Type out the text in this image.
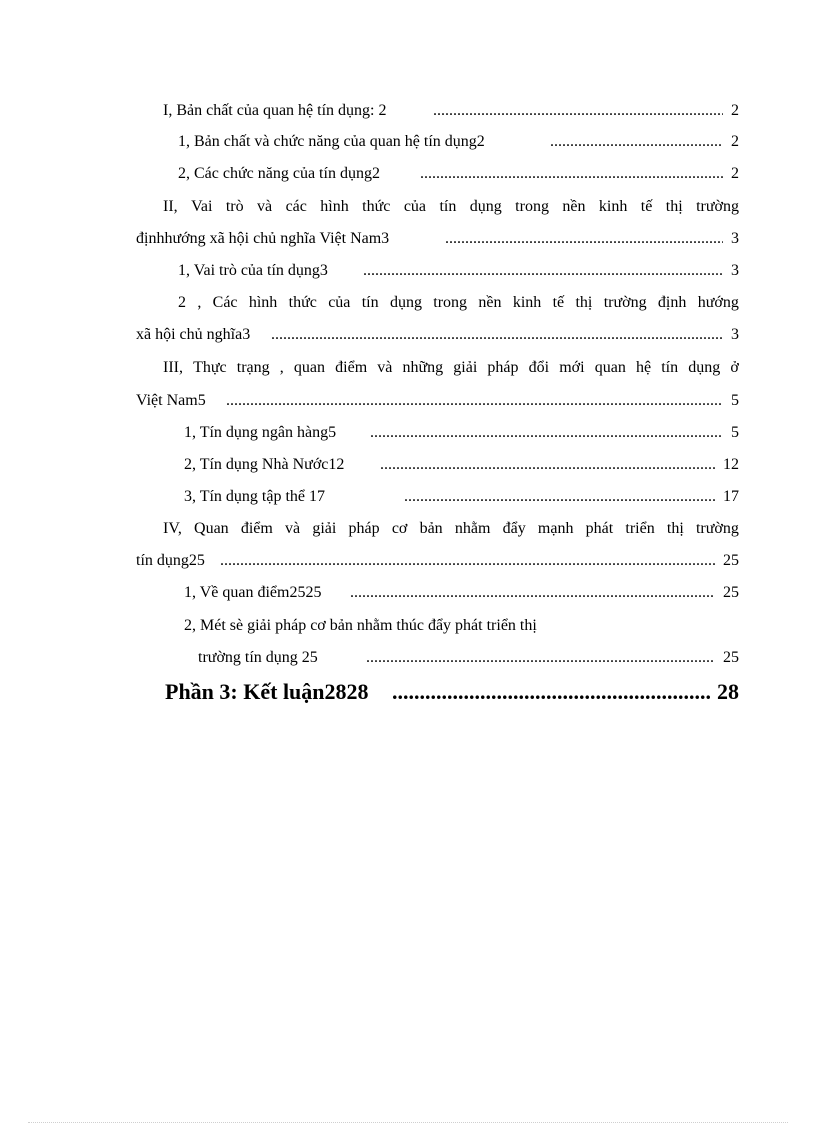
I, Bản chất của quan hệ tín dụng: 2 .....	2
1, Bản chất và chức năng của quan hệ tín dụng2 .....	2
2, Các chức năng của tín dụng2 .....	2
II, Vai trò và các hình thức của tín dụng trong nền kinh tế thị trường
địnhhướng xã hội chủ nghĩa Việt Nam3 .....	3
1, Vai trò của tín dụng3 .....	3
2 , Các hình thức của tín dụng trong nền kinh tế thị trường định hướng
xã hội chủ nghĩa3 .....	3
III, Thực trạng , quan điểm và những giải pháp đổi mới quan hệ tín dụng ở
Việt Nam5 .....	5
1, Tín dụng ngân hàng5 .....	5
2, Tín dụng Nhà Nước12 .....	12
3, Tín dụng tập thể 17 .....	17
IV, Quan điểm và giải pháp cơ bản nhằm đẩy mạnh phát triển thị trường
tín dụng25 .....	25
1, Về quan điểm2525 .....	25
2, Mét sè giải pháp cơ bản nhằm thúc đẩy phát triển thị
trường tín dụng 25 .....	25
Phần 3: Kết luận2828 .....	28
